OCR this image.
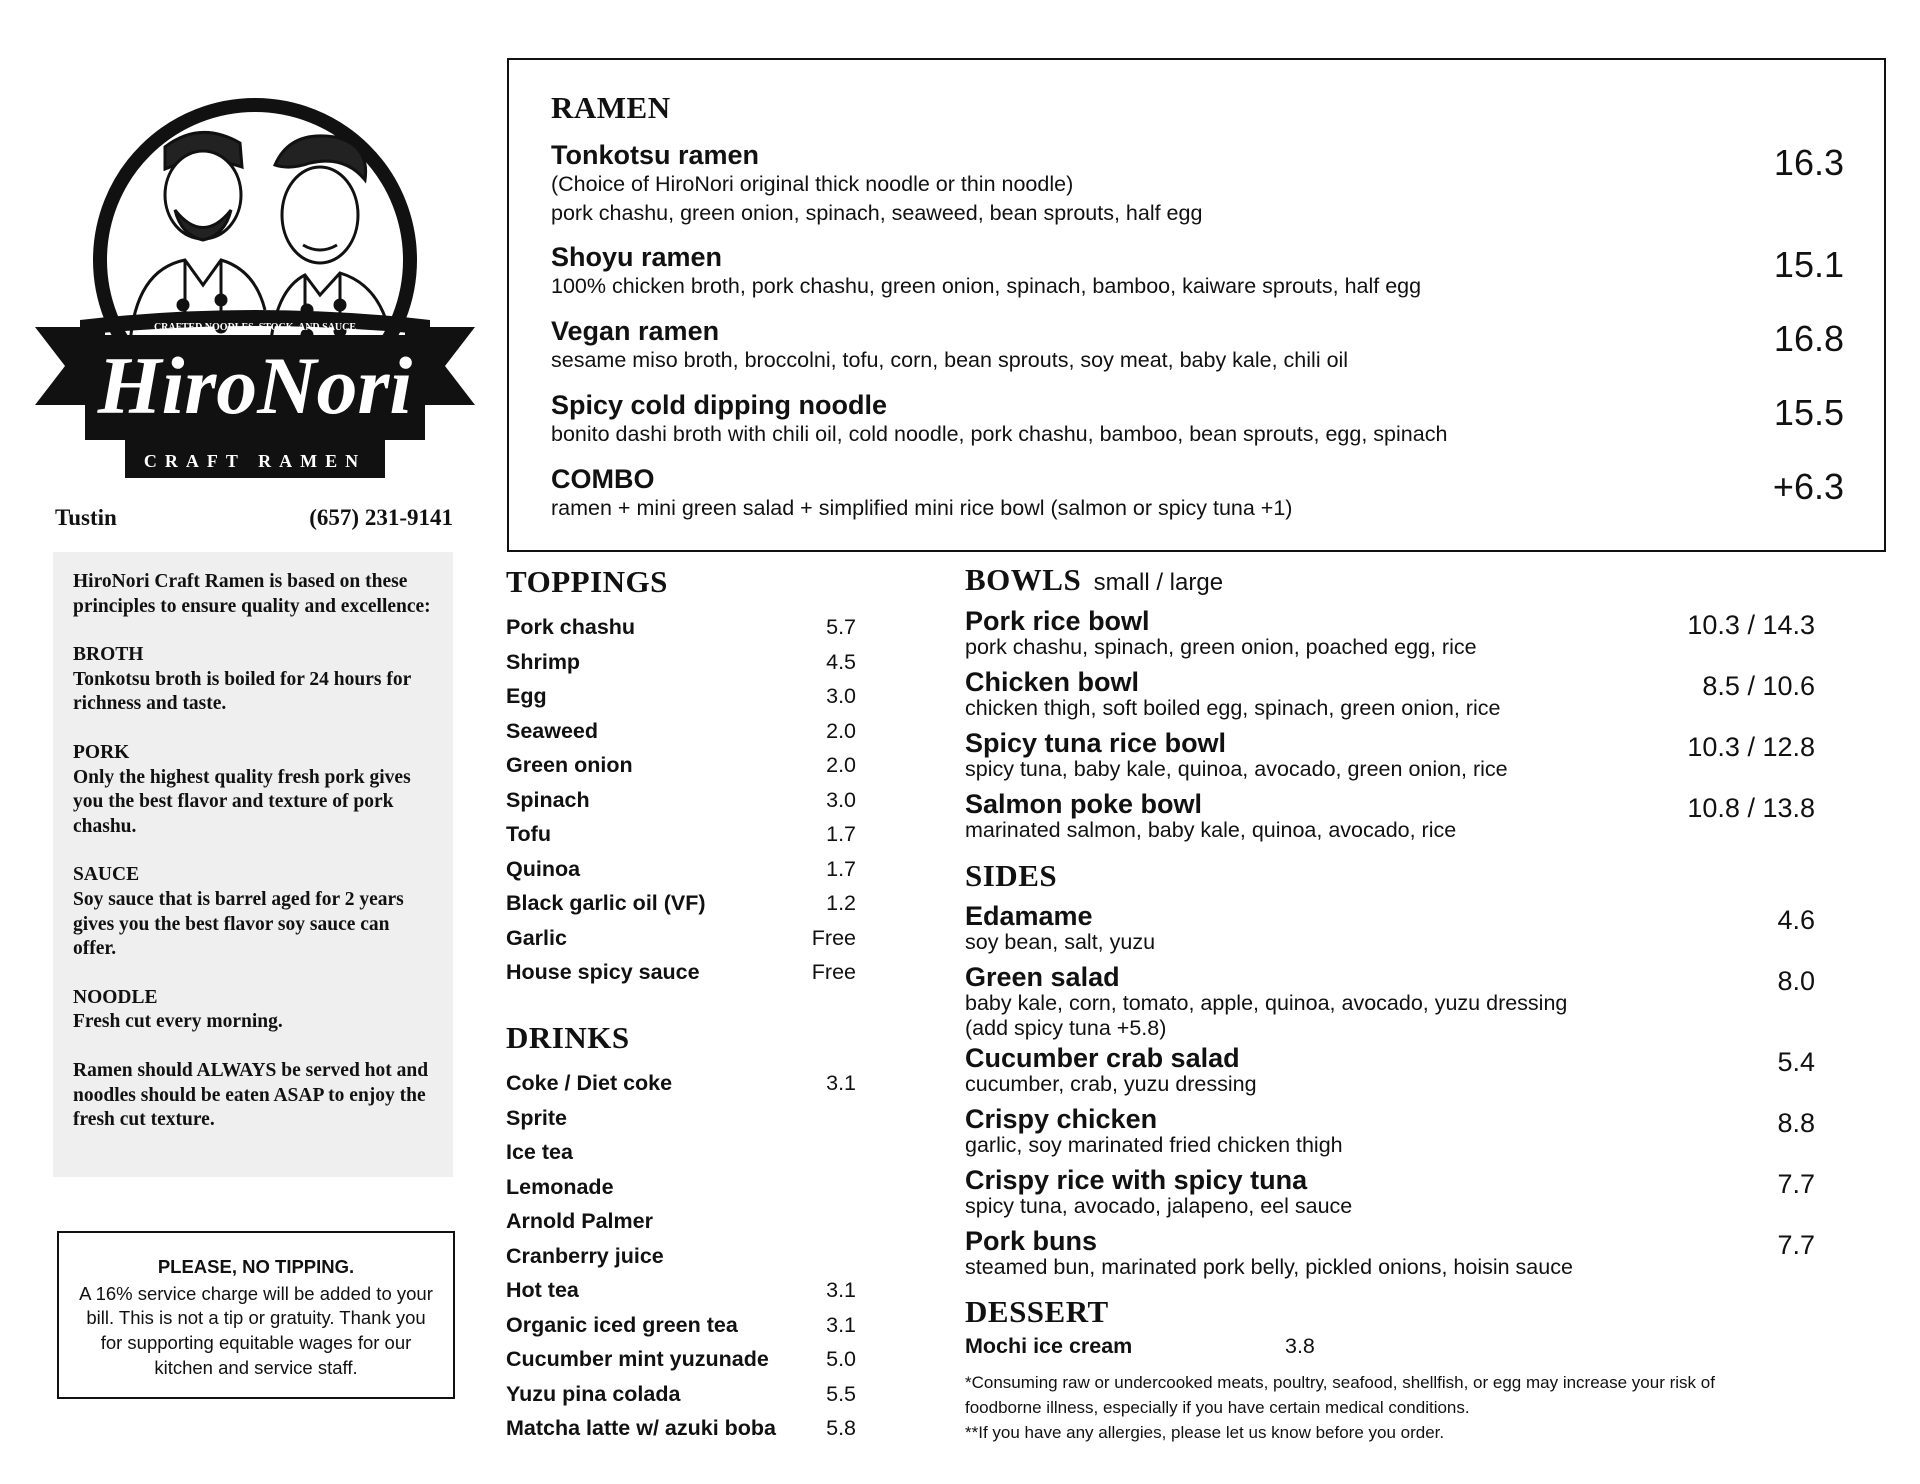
CRAFTED NOODLES, STOCK, AND SAUCE
HiroNori
CRAFT RAMEN
Tustin	(657) 231-9141

HiroNori Craft Ramen is based on these principles to ensure quality and excellence:

BROTH
Tonkotsu broth is boiled for 24 hours for richness and taste.

PORK
Only the highest quality fresh pork gives you the best flavor and texture of pork chashu.

SAUCE
Soy sauce that is barrel aged for 2 years gives you the best flavor soy sauce can offer.

NOODLE
Fresh cut every morning.

Ramen should ALWAYS be served hot and noodles should be eaten ASAP to enjoy the fresh cut texture.

PLEASE, NO TIPPING.
A 16% service charge will be added to your bill. This is not a tip or gratuity. Thank you for supporting equitable wages for our kitchen and service staff.
RAMEN
Tonkotsu ramen
(Choice of HiroNori original thick noodle or thin noodle)
pork chashu, green onion, spinach, seaweed, bean sprouts, half egg
16.3
Shoyu ramen
100% chicken broth, pork chashu, green onion, spinach, bamboo, kaiware sprouts, half egg
15.1
Vegan ramen
sesame miso broth, broccolni, tofu, corn, bean sprouts, soy meat, baby kale, chili oil
16.8
Spicy cold dipping noodle
bonito dashi broth with chili oil, cold noodle, pork chashu, bamboo, bean sprouts, egg, spinach
15.5
COMBO
ramen + mini green salad + simplified mini rice bowl (salmon or spicy tuna +1)
+6.3
TOPPINGS
Pork chashu	5.7
Shrimp	4.5
Egg	3.0
Seaweed	2.0
Green onion	2.0
Spinach	3.0
Tofu	1.7
Quinoa	1.7
Black garlic oil (VF)	1.2
Garlic	Free
House spicy sauce	Free
DRINKS
Coke / Diet coke	3.1
Sprite
Ice tea
Lemonade
Arnold Palmer
Cranberry juice
Hot tea	3.1
Organic iced green tea	3.1
Cucumber mint yuzunade	5.0
Yuzu pina colada	5.5
Matcha latte w/ azuki boba	5.8
BOWLS small / large
Pork rice bowl
pork chashu, spinach, green onion, poached egg, rice
10.3 / 14.3
Chicken bowl
chicken thigh, soft boiled egg, spinach, green onion, rice
8.5 / 10.6
Spicy tuna rice bowl
spicy tuna, baby kale, quinoa, avocado, green onion, rice
10.3 / 12.8
Salmon poke bowl
marinated salmon, baby kale, quinoa, avocado, rice
10.8 / 13.8
SIDES
Edamame
soy bean, salt, yuzu
4.6
Green salad
baby kale, corn, tomato, apple, quinoa, avocado, yuzu dressing
(add spicy tuna +5.8)
8.0
Cucumber crab salad
cucumber, crab, yuzu dressing
5.4
Crispy chicken
garlic, soy marinated fried chicken thigh
8.8
Crispy rice with spicy tuna
spicy tuna, avocado, jalapeno, eel sauce
7.7
Pork buns
steamed bun, marinated pork belly, pickled onions, hoisin sauce
7.7
DESSERT
Mochi ice cream	3.8
*Consuming raw or undercooked meats, poultry, seafood, shellfish, or egg may increase your risk of
foodborne illness, especially if you have certain medical conditions.
**If you have any allergies, please let us know before you order.
